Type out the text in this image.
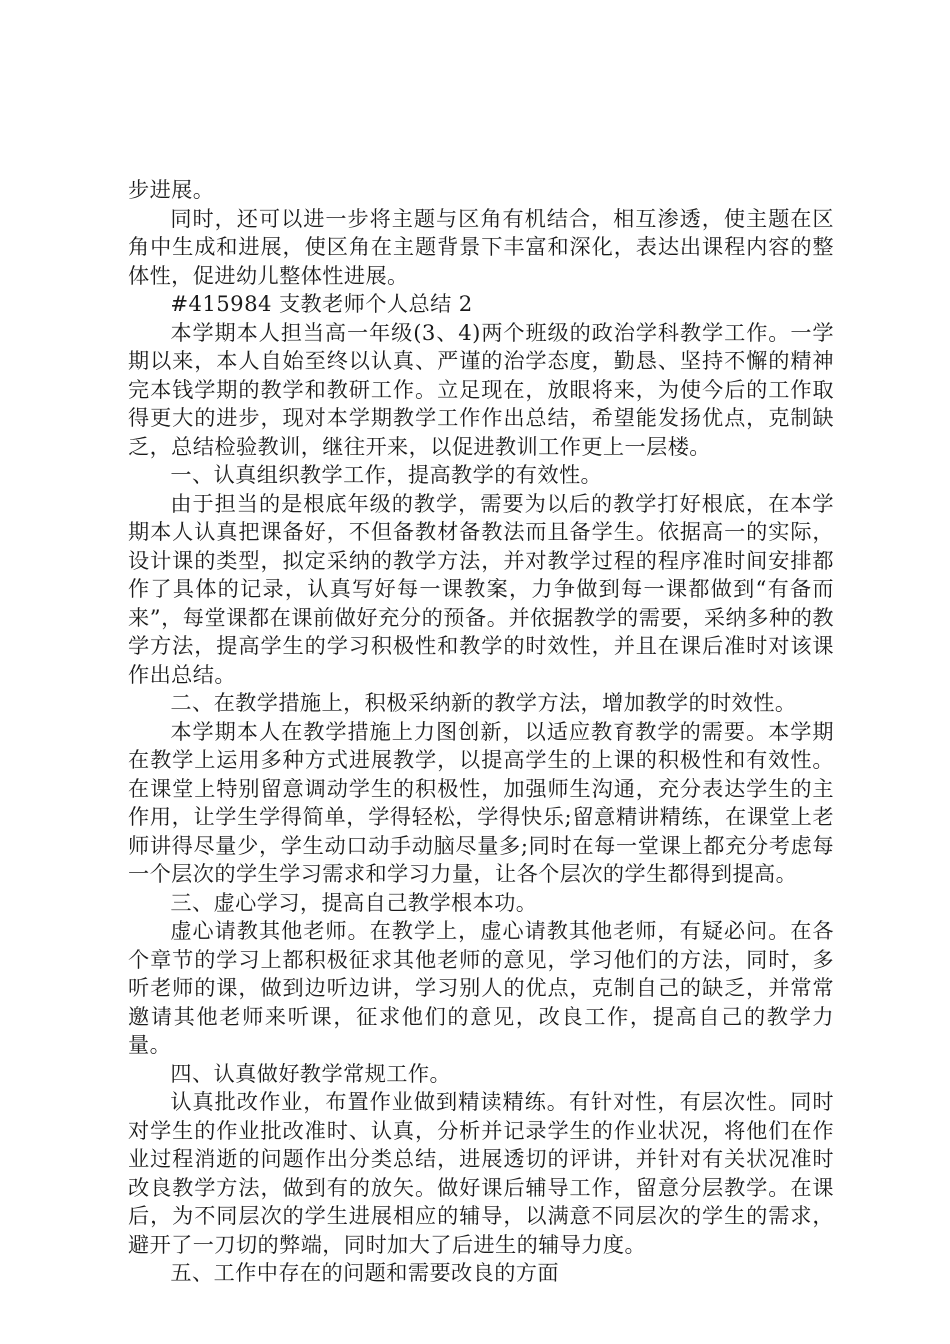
步进展。

同时，还可以进一步将主题与区角有机结合，相互渗透，使主题在区角中生成和进展，使区角在主题背景下丰富和深化，表达出课程内容的整体性，促进幼儿整体性进展。

#415984 支教老师个人总结 2

本学期本人担当高一年级(3、4)两个班级的政治学科教学工作。一学期以来，本人自始至终以认真、严谨的治学态度，勤恳、坚持不懈的精神完本钱学期的教学和教研工作。立足现在，放眼将来，为使今后的工作取得更大的进步，现对本学期教学工作作出总结，希望能发扬优点，克制缺乏，总结检验教训，继往开来，以促进教训工作更上一层楼。

一、认真组织教学工作，提高教学的有效性。

由于担当的是根底年级的教学，需要为以后的教学打好根底，在本学期本人认真把课备好，不但备教材备教法而且备学生。依据高一的实际，设计课的类型，拟定采纳的教学方法，并对教学过程的程序准时间安排都作了具体的记录，认真写好每一课教案，力争做到每一课都做到“有备而来”，每堂课都在课前做好充分的预备。并依据教学的需要，采纳多种的教学方法，提高学生的学习积极性和教学的时效性，并且在课后准时对该课作出总结。

二、在教学措施上，积极采纳新的教学方法，增加教学的时效性。

本学期本人在教学措施上力图创新，以适应教育教学的需要。本学期在教学上运用多种方式进展教学，以提高学生的上课的积极性和有效性。在课堂上特别留意调动学生的积极性，加强师生沟通，充分表达学生的主作用，让学生学得简单，学得轻松，学得快乐;留意精讲精练，在课堂上老师讲得尽量少，学生动口动手动脑尽量多;同时在每一堂课上都充分考虑每一个层次的学生学习需求和学习力量，让各个层次的学生都得到提高。

三、虚心学习，提高自己教学根本功。

虚心请教其他老师。在教学上，虚心请教其他老师，有疑必问。在各个章节的学习上都积极征求其他老师的意见，学习他们的方法，同时，多听老师的课，做到边听边讲，学习别人的优点，克制自己的缺乏，并常常邀请其他老师来听课，征求他们的意见，改良工作，提高自己的教学力量。

四、认真做好教学常规工作。

认真批改作业，布置作业做到精读精练。有针对性，有层次性。同时对学生的作业批改准时、认真，分析并记录学生的作业状况，将他们在作业过程消逝的问题作出分类总结，进展透切的评讲，并针对有关状况准时改良教学方法，做到有的放矢。做好课后辅导工作，留意分层教学。在课后，为不同层次的学生进展相应的辅导，以满意不同层次的学生的需求，避开了一刀切的弊端，同时加大了后进生的辅导力度。

五、工作中存在的问题和需要改良的方面
